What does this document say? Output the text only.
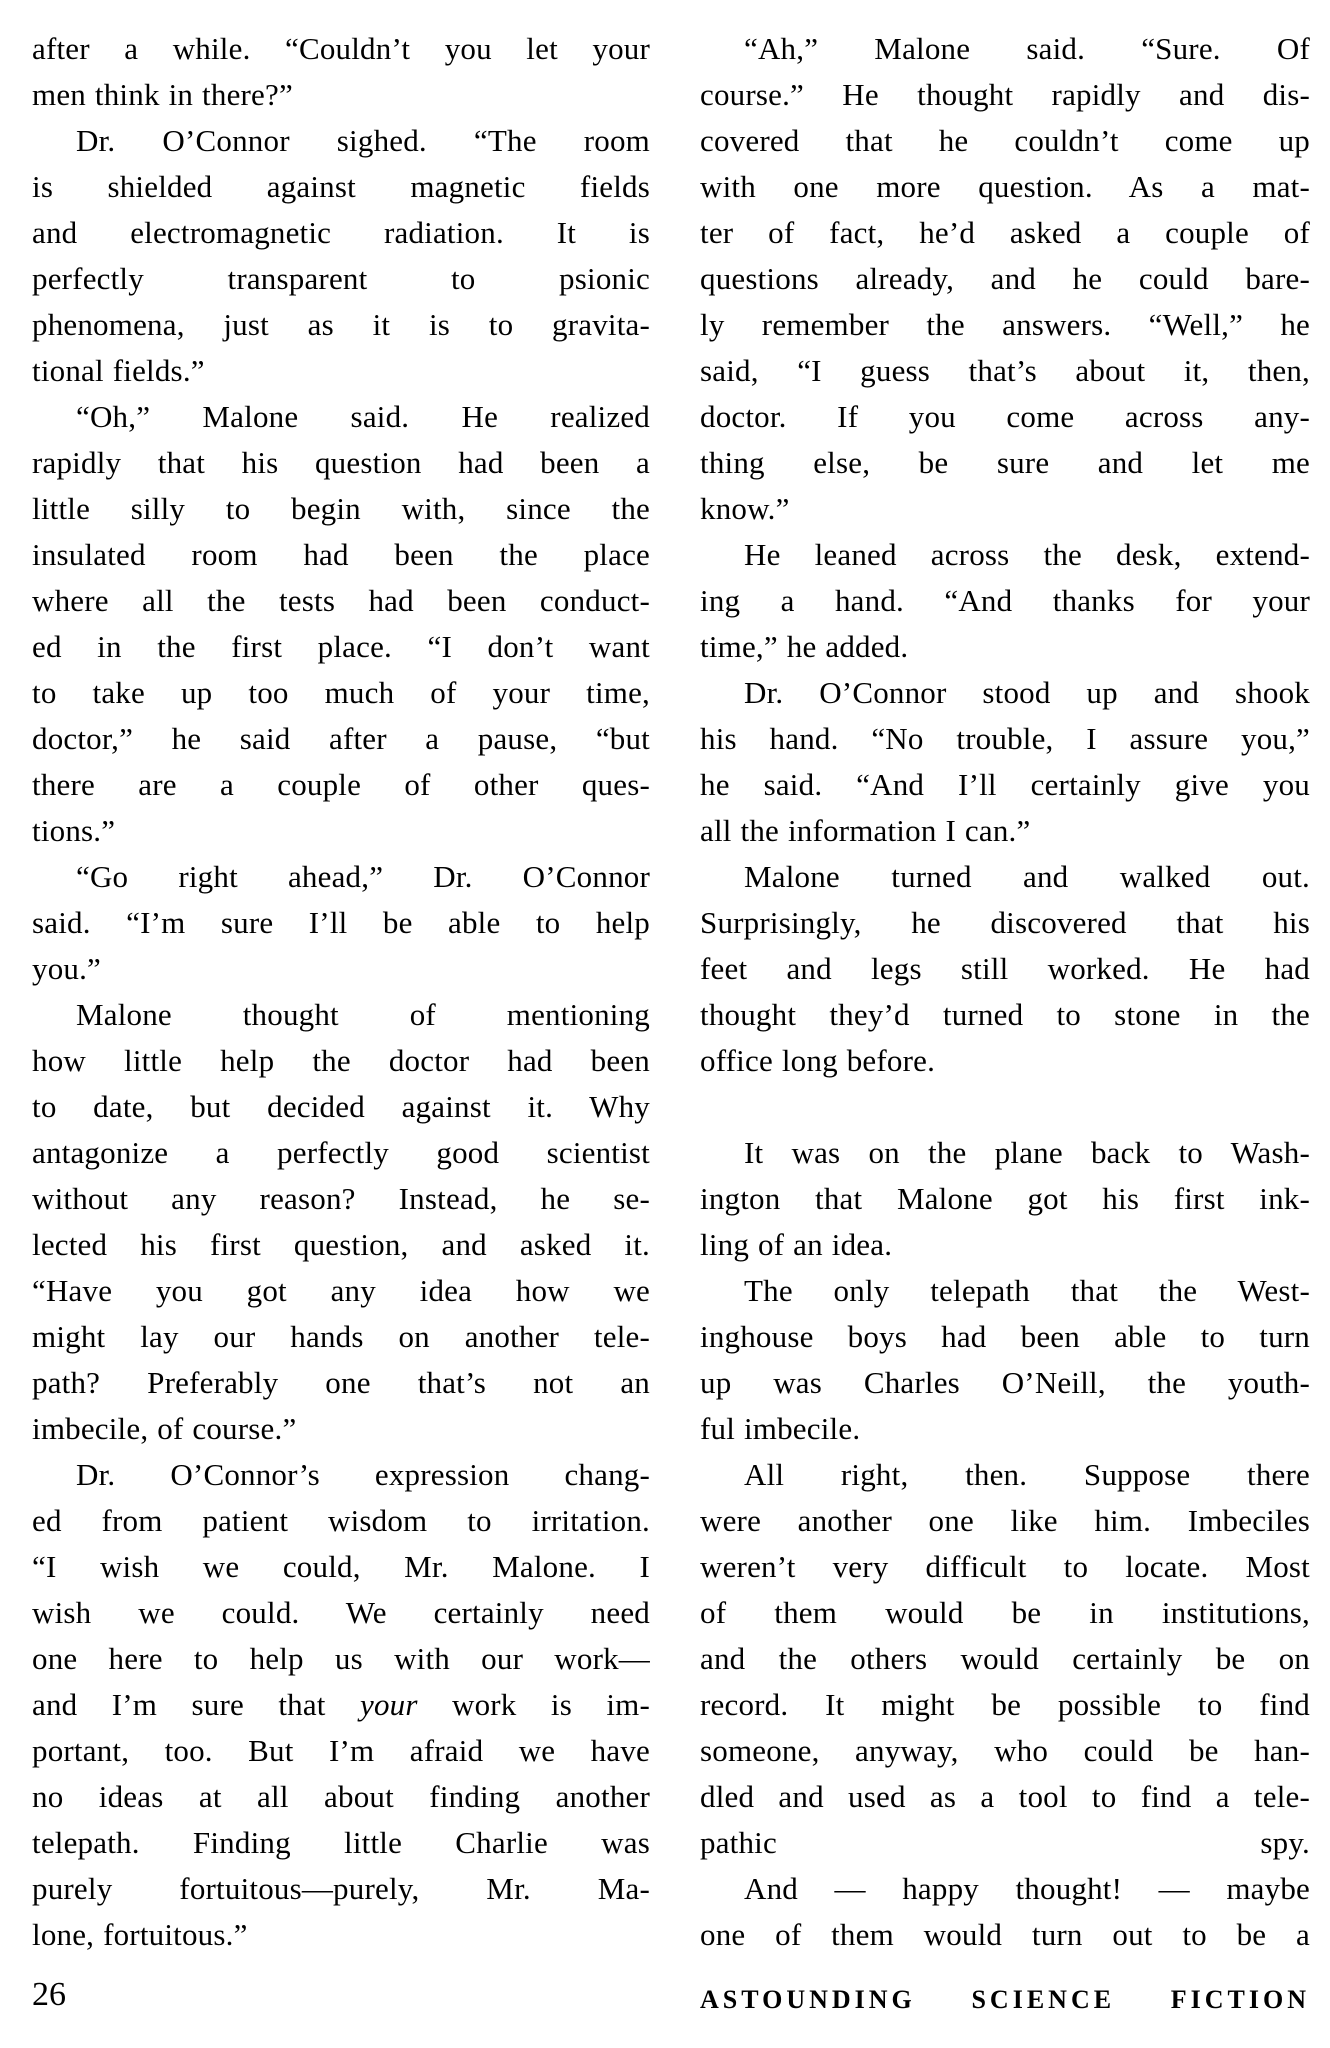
after a while. “Couldn’t you let your
men think in there?”
Dr. O’Connor sighed. “The room
is shielded against magnetic fields
and electromagnetic radiation. It is
perfectly transparent to psionic
phenomena, just as it is to gravita-
tional fields.”
“Oh,” Malone said. He realized
rapidly that his question had been a
little silly to begin with, since the
insulated room had been the place
where all the tests had been conduct-
ed in the first place. “I don’t want
to take up too much of your time,
doctor,” he said after a pause, “but
there are a couple of other ques-
tions.”
“Go right ahead,” Dr. O’Connor
said. “I’m sure I’ll be able to help
you.”
Malone thought of mentioning
how little help the doctor had been
to date, but decided against it. Why
antagonize a perfectly good scientist
without any reason? Instead, he se-
lected his first question, and asked it.
“Have you got any idea how we
might lay our hands on another tele-
path? Preferably one that’s not an
imbecile, of course.”
Dr. O’Connor’s expression chang-
ed from patient wisdom to irritation.
“I wish we could, Mr. Malone. I
wish we could. We certainly need
one here to help us with our work—
and I’m sure that your work is im-
portant, too. But I’m afraid we have
no ideas at all about finding another
telepath. Finding little Charlie was
purely fortuitous—purely, Mr. Ma-
lone, fortuitous.”
“Ah,” Malone said. “Sure. Of
course.” He thought rapidly and dis-
covered that he couldn’t come up
with one more question. As a mat-
ter of fact, he’d asked a couple of
questions already, and he could bare-
ly remember the answers. “Well,” he
said, “I guess that’s about it, then,
doctor. If you come across any-
thing else, be sure and let me
know.”
He leaned across the desk, extend-
ing a hand. “And thanks for your
time,” he added.
Dr. O’Connor stood up and shook
his hand. “No trouble, I assure you,”
he said. “And I’ll certainly give you
all the information I can.”
Malone turned and walked out.
Surprisingly, he discovered that his
feet and legs still worked. He had
thought they’d turned to stone in the
office long before.
It was on the plane back to Wash-
ington that Malone got his first ink-
ling of an idea.
The only telepath that the West-
inghouse boys had been able to turn
up was Charles O’Neill, the youth-
ful imbecile.
All right, then. Suppose there
were another one like him. Imbeciles
weren’t very difficult to locate. Most
of them would be in institutions,
and the others would certainly be on
record. It might be possible to find
someone, anyway, who could be han-
dled and used as a tool to find a tele-
pathic spy.
And — happy thought! — maybe
one of them would turn out to be a
26	ASTOUNDING SCIENCE FICTION
